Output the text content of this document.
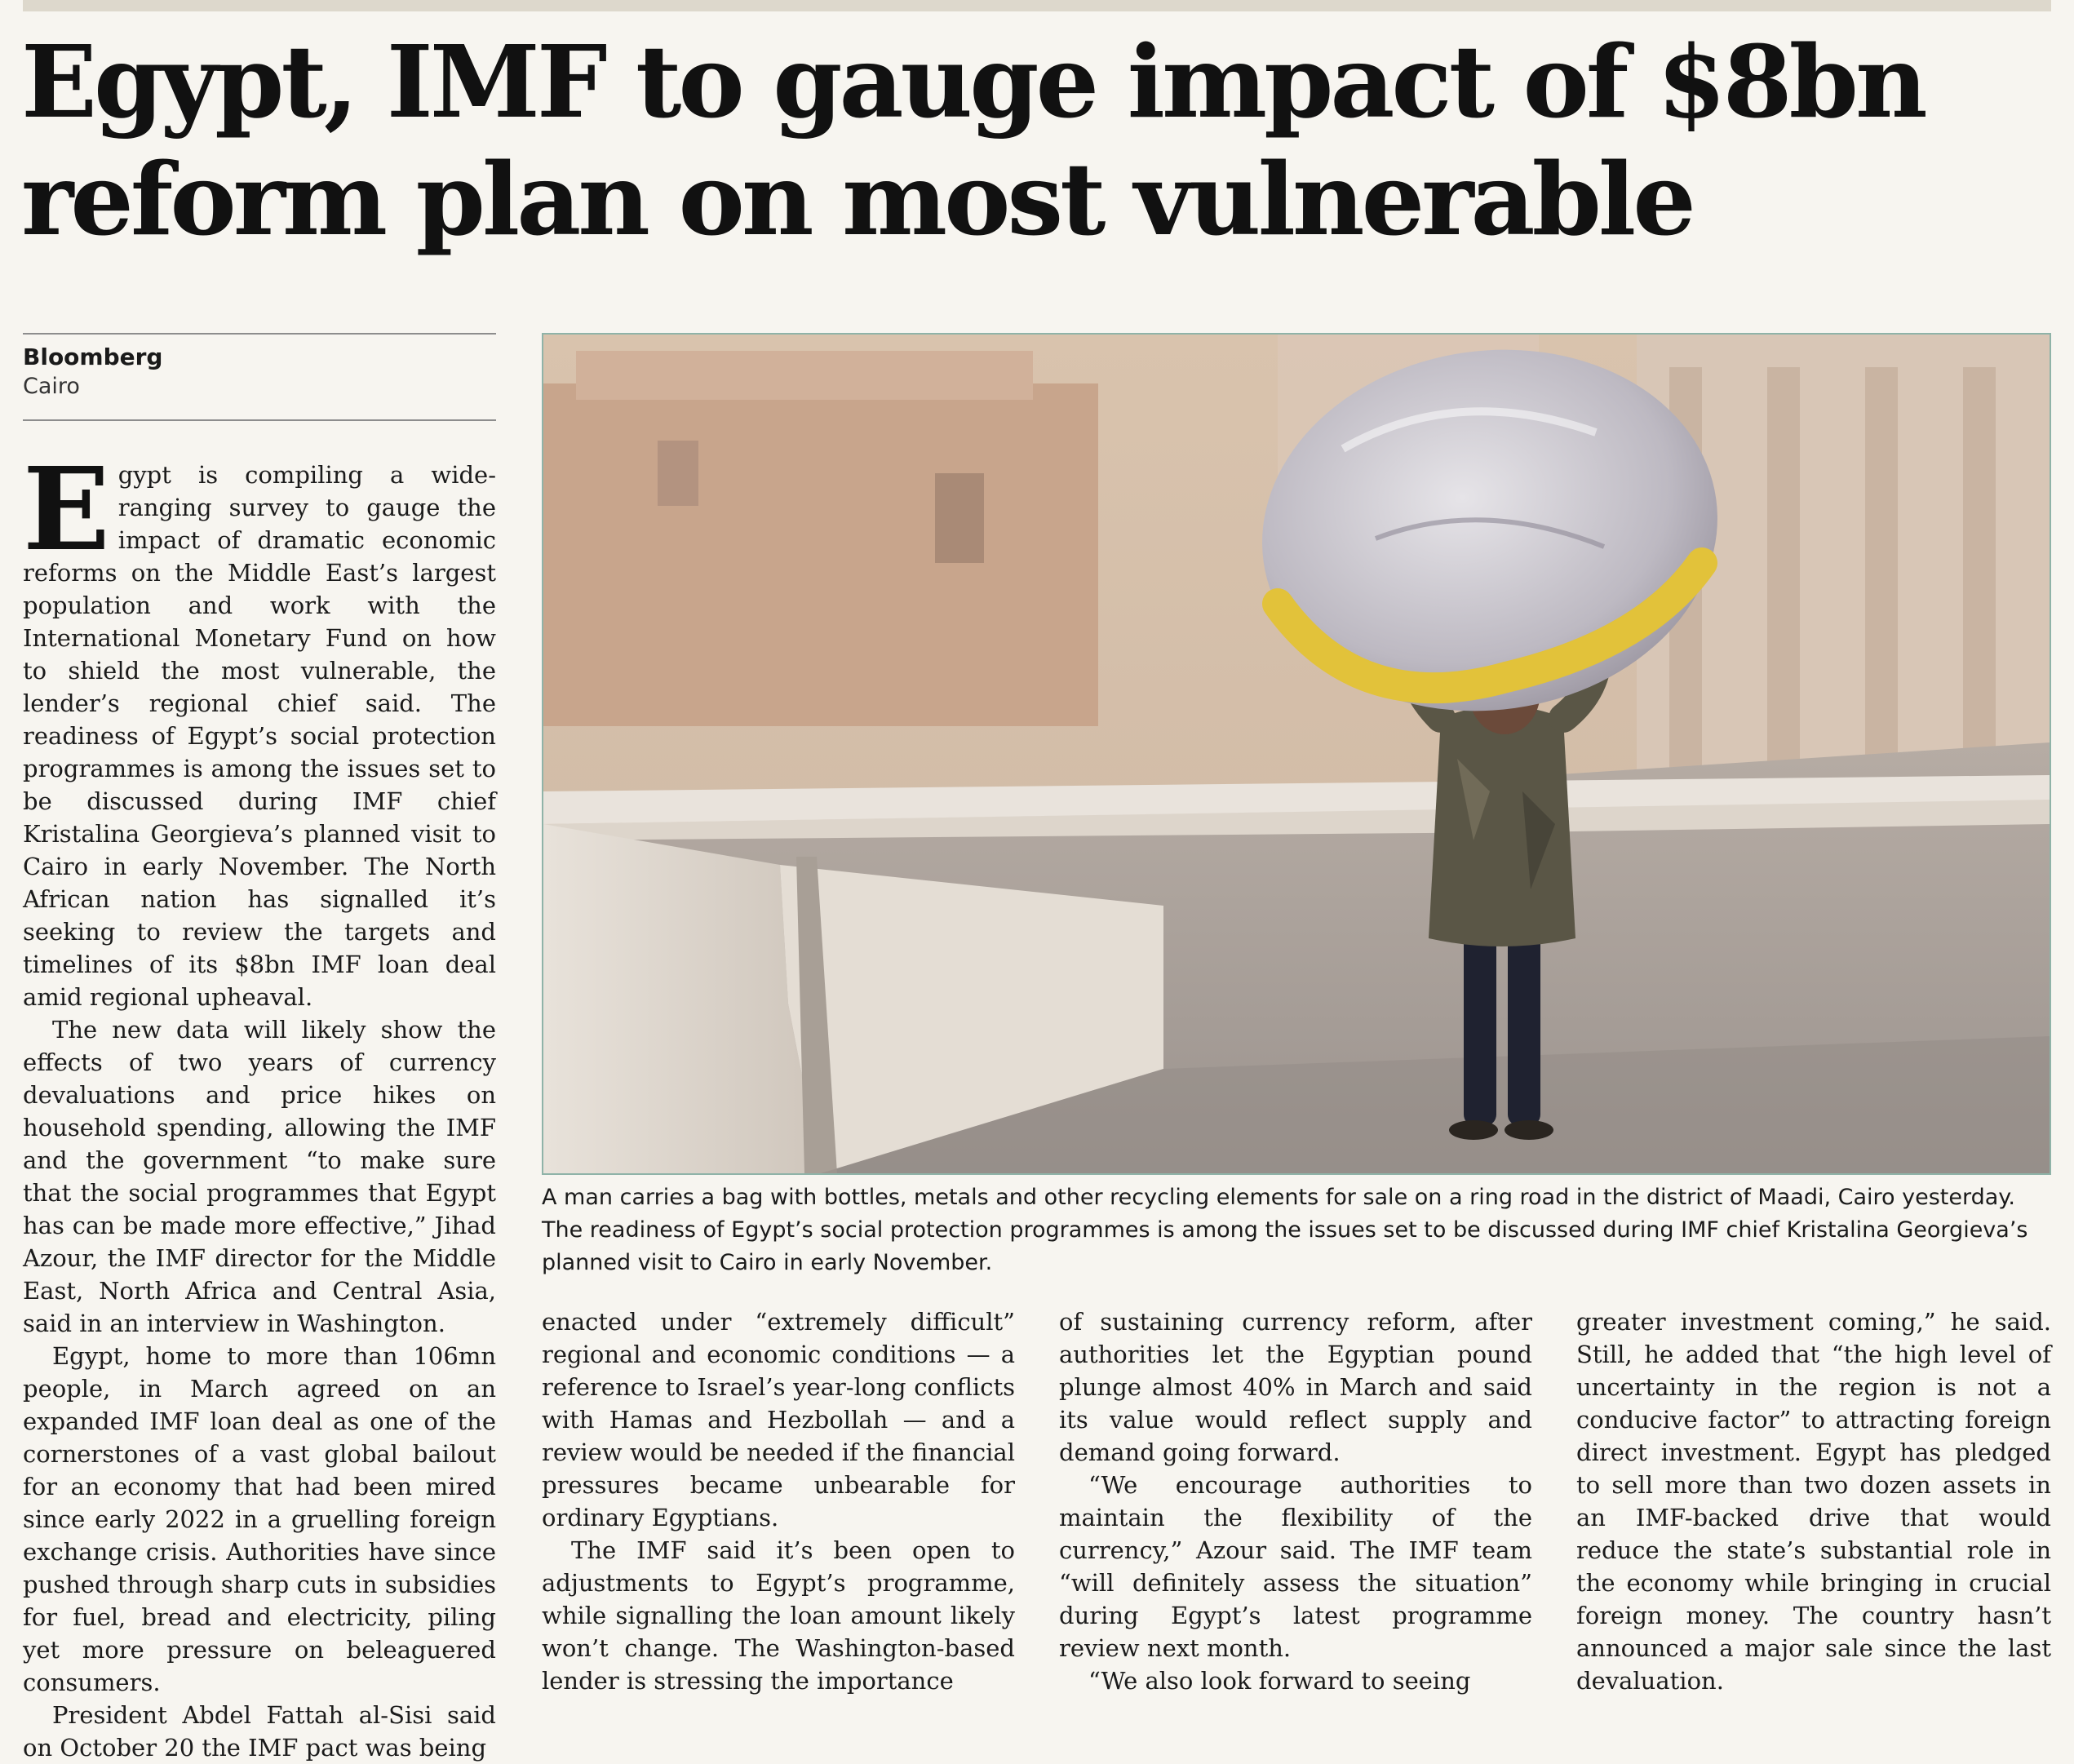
Egypt, IMF to gauge impact of $8bn
reform plan on most vulnerable
Bloomberg
Cairo

Egypt is compiling a wide-ranging survey to gauge the impact of dramatic economic reforms on the Middle East’s largest population and work with the International Monetary Fund on how to shield the most vulnerable, the lender’s regional chief said. The readiness of Egypt’s social protection programmes is among the issues set to be discussed during IMF chief Kristalina Georgieva’s planned visit to Cairo in early November. The North African nation has signalled it’s seeking to review the targets and timelines of its $8bn IMF loan deal amid regional upheaval.

The new data will likely show the effects of two years of currency devaluations and price hikes on household spending, allowing the IMF and the government “to make sure that the social programmes that Egypt has can be made more effective,” Jihad Azour, the IMF director for the Middle East, North Africa and Central Asia, said in an interview in Washington.

Egypt, home to more than 106mn people, in March agreed on an expanded IMF loan deal as one of the cornerstones of a vast global bailout for an economy that had been mired since early 2022 in a gruelling foreign exchange crisis. Authorities have since pushed through sharp cuts in subsidies for fuel, bread and electricity, piling yet more pressure on beleaguered consumers.

President Abdel Fattah al-Sisi said on October 20 the IMF pact was being

A man carries a bag with bottles, metals and other recycling elements for sale on a ring road in the district of Maadi, Cairo yesterday. The readiness of Egypt’s social protection programmes is among the issues set to be discussed during IMF chief Kristalina Georgieva’s planned visit to Cairo in early November.

enacted under “extremely difficult” regional and economic conditions — a reference to Israel’s year-long conflicts with Hamas and Hezbollah — and a review would be needed if the financial pressures became unbearable for ordinary Egyptians.

The IMF said it’s been open to adjustments to Egypt’s programme, while signalling the loan amount likely won’t change. The Washington-based lender is stressing the importance

of sustaining currency reform, after authorities let the Egyptian pound plunge almost 40% in March and said its value would reflect supply and demand going forward.

“We encourage authorities to maintain the flexibility of the currency,” Azour said. The IMF team “will definitely assess the situation” during Egypt’s latest programme review next month.

“We also look forward to seeing

greater investment coming,” he said. Still, he added that “the high level of uncertainty in the region is not a conducive factor” to attracting foreign direct investment. Egypt has pledged to sell more than two dozen assets in an IMF-backed drive that would reduce the state’s substantial role in the economy while bringing in crucial foreign money. The country hasn’t announced a major sale since the last devaluation.
